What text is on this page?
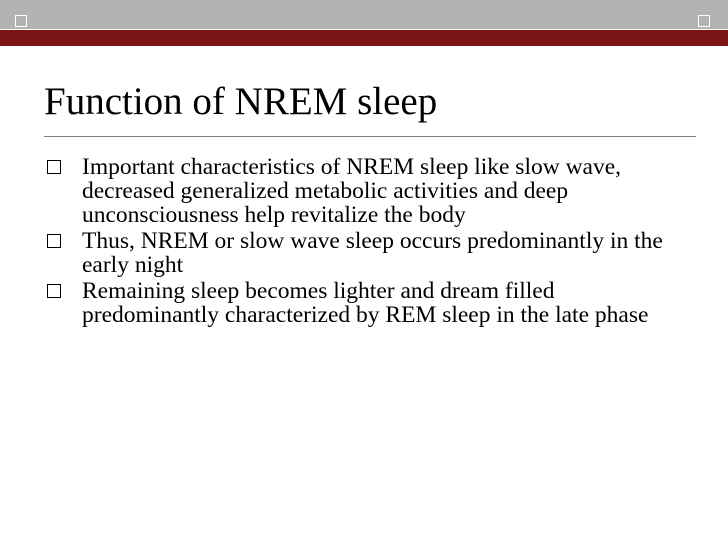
Function of NREM sleep
Important characteristics of NREM sleep like slow wave, decreased generalized metabolic activities and deep unconsciousness help revitalize the body
Thus, NREM or slow wave sleep occurs predominantly in the early night
Remaining sleep becomes lighter and dream filled predominantly characterized by REM sleep in the late phase
